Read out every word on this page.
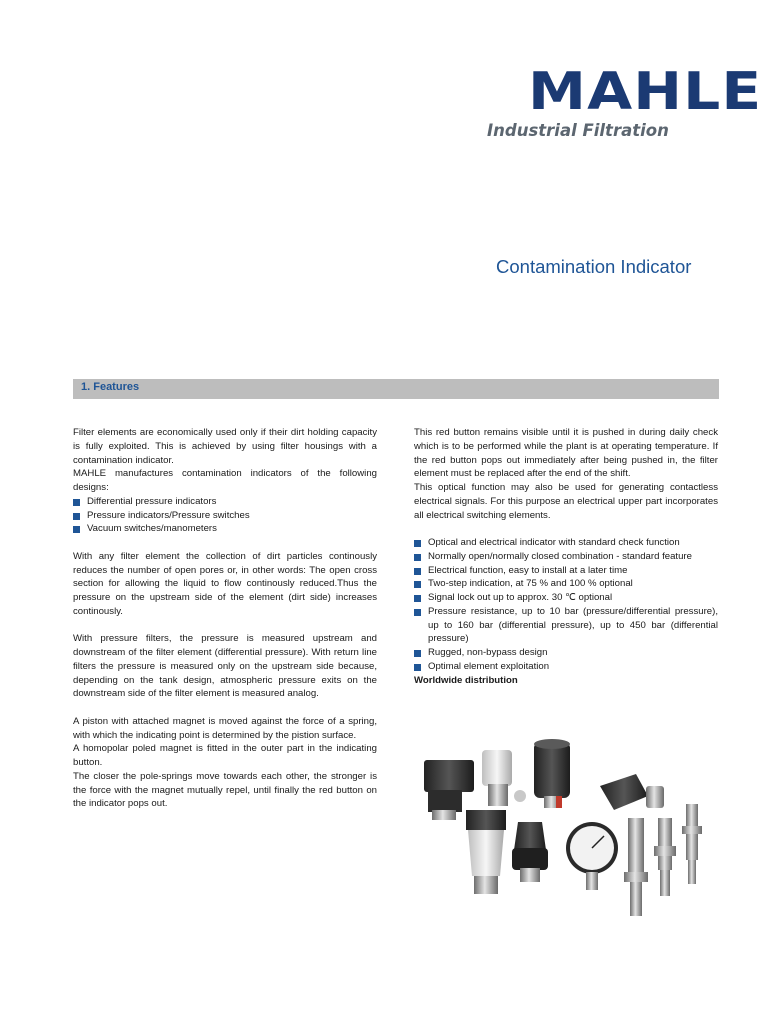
MAHLE
Industrial Filtration
Contamination Indicator
1. Features

Filter elements are economically used only if their dirt holding capacity is fully exploited. This is achieved by using filter housings with a contamination indicator.

MAHLE manufactures contamination indicators of the following designs:

Differential pressure indicators
Pressure indicators/Pressure switches
Vacuum switches/manometers

With any filter element the collection of dirt particles continously reduces the number of open pores or, in other words: The open cross section for allowing the liquid to flow continously reduced.Thus the pressure on the upstream side of the element (dirt side) increases continously.

With pressure filters, the pressure is measured upstream and downstream of the filter element (differential pressure). With return line filters the pressure is measured only on the upstream side because, depending on the tank design, atmospheric pressure exits on the downstream side of the filter element is measured analog.

A piston with attached magnet is moved against the force of a spring, with which the indicating point is determined by the pistion surface.

A homopolar poled magnet is fitted in the outer part in the indicating button.

The closer the pole-springs move towards each other, the stronger is the force with the magnet mutually repel, until finally the red button on the indicator pops out.

This red button remains visible until it is pushed in during daily check which is to be performed while the plant is at operating temperature. If the red button pops out immediately after being pushed in, the filter element must be replaced after the end of the shift.

This optical function may also be used for generating contactless electrical signals. For this purpose an electrical upper part incorporates all electrical switching elements.

Optical and electrical indicator with standard check function
Normally open/normally closed combination - standard feature
Electrical function, easy to install at a later time
Two-step indication, at 75 % and 100 % optional
Signal lock out up to approx. 30 ℃ optional
Pressure resistance, up to 10 bar (pressure/differential pressure), up to 160 bar (differential pressure), up to 450 bar (differential pressure)
Rugged, non-bypass design
Optimal element exploitation

Worldwide distribution
